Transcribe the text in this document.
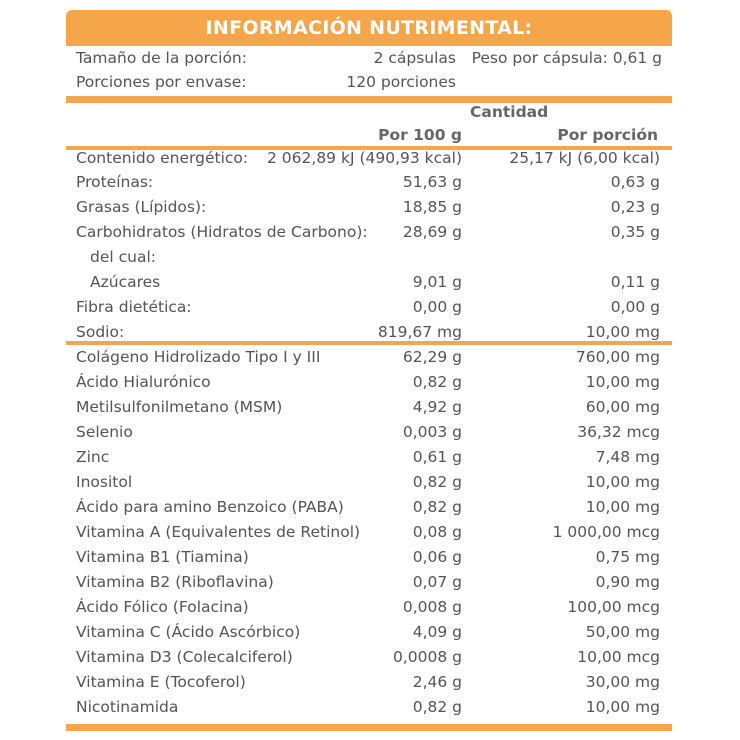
INFORMACIÓN NUTRIMENTAL:
Tamaño de la porción:	2 cápsulas Peso por cápsula: 0,61 g
Porciones por envase:	120 porciones
Cantidad
Por 100 g	Por porción
Contenido energético: 2 062,89 kJ (490,93 kcal)	25,17 kJ (6,00 kcal)
Proteínas:	51,63 g	0,63 g
Grasas (Lípidos):	18,85 g	0,23 g
Carbohidratos (Hidratos de Carbono): 28,69 g	0,35 g
del cual:
Azúcares	9,01 g	0,11 g
Fibra dietética:	0,00 g	0,00 g
Sodio:	819,67 mg	10,00 mg
Colágeno Hidrolizado Tipo I y III	62,29 g	760,00 mg
Ácido Hialurónico	0,82 g	10,00 mg
Metilsulfonilmetano (MSM)	4,92 g	60,00 mg
Selenio	0,003 g	36,32 mcg
Zinc	0,61 g	7,48 mg
Inositol	0,82 g	10,00 mg
Ácido para amino Benzoico (PABA)	0,82 g	10,00 mg
Vitamina A (Equivalentes de Retinol)	0,08 g	1 000,00 mcg
Vitamina B1 (Tiamina)	0,06 g	0,75 mg
Vitamina B2 (Riboflavina)	0,07 g	0,90 mg
Ácido Fólico (Folacina)	0,008 g	100,00 mcg
Vitamina C (Ácido Ascórbico)	4,09 g	50,00 mg
Vitamina D3 (Colecalciferol)	0,0008 g	10,00 mcg
Vitamina E (Tocoferol)	2,46 g	30,00 mg
Nicotinamida	0,82 g	10,00 mg
